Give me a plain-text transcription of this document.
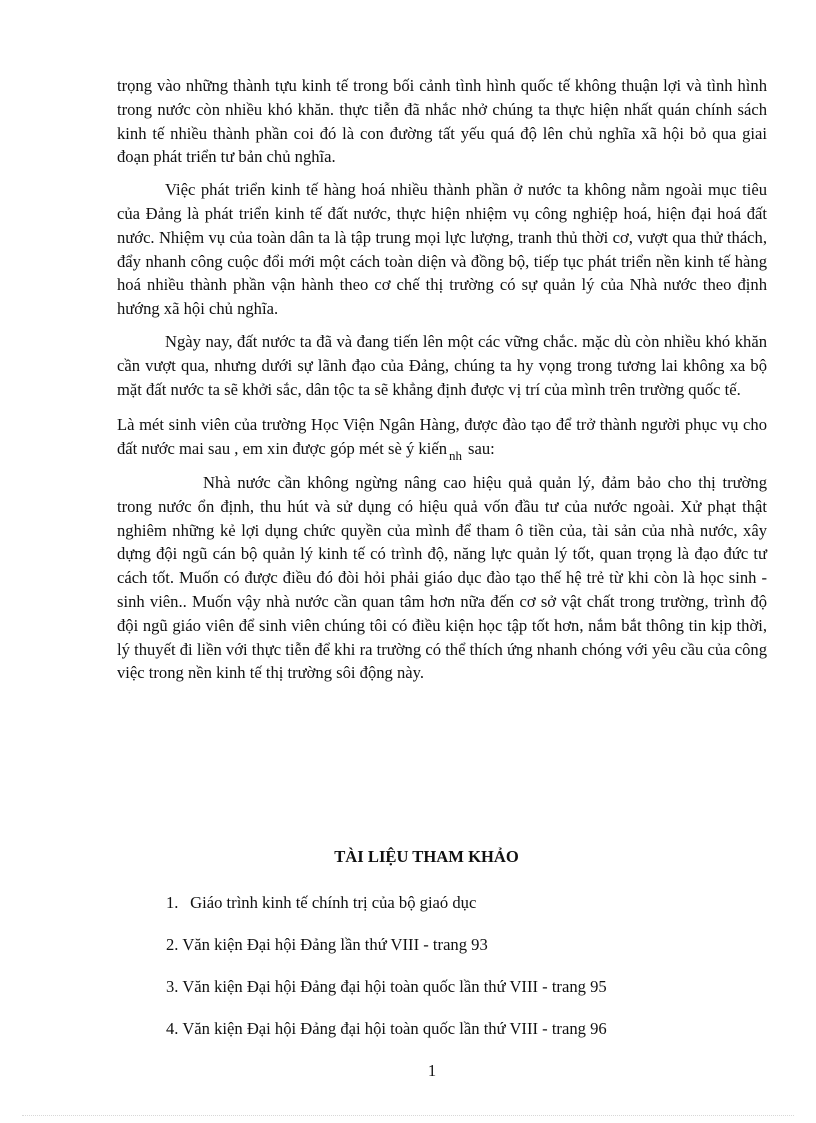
trọng vào những thành tựu kinh tế trong bối cảnh tình hình quốc tế không thuận lợi và tình hình trong nước còn nhiều khó khăn. thực tiễn đã nhắc nhở chúng ta thực hiện nhất quán chính sách kinh tế nhiều thành phần coi đó là con đường tất yếu quá độ lên chủ nghĩa xã hội bỏ qua giai đoạn phát triển tư bản chủ nghĩa.

Việc phát triển kinh tế hàng hoá nhiều thành phần ở nước ta không nằm ngoài mục tiêu của Đảng là phát triển kinh tế đất nước, thực hiện nhiệm vụ công nghiệp hoá, hiện đại hoá đất nước. Nhiệm vụ của toàn dân ta là tập trung mọi lực lượng, tranh thủ thời cơ, vượt qua thử thách, đẩy nhanh công cuộc đổi mới một cách toàn diện và đồng bộ, tiếp tục phát triển nền kinh tế hàng hoá nhiều thành phần vận hành theo cơ chế thị trường có sự quản lý của Nhà nước theo định hướng xã hội chủ nghĩa.

Ngày nay, đất nước ta đã và đang tiến lên một các vững chắc. mặc dù còn nhiều khó khăn cần vượt qua, nhưng dưới sự lãnh đạo của Đảng, chúng ta hy vọng trong tương lai không xa bộ mặt đất nước ta sẽ khởi sắc, dân tộc ta sẽ khẳng định được vị trí của mình trên trường quốc tế.

Là mét sinh viên của trường Học Viện Ngân Hàng, được đào tạo để trở thành người phục vụ cho đất nước mai sau , em xin được góp mét sè ý kiến $_{nh}$ sau:

Nhà nước cần không ngừng nâng cao hiệu quả quản lý, đảm bảo cho thị trường trong nước ổn định, thu hút và sử dụng có hiệu quả vốn đầu tư của nước ngoài. Xử phạt thật nghiêm những kẻ lợi dụng chức quyền của mình để tham ô tiền của, tài sản của nhà nước, xây dựng đội ngũ cán bộ quản lý kinh tế có trình độ, năng lực quản lý tốt, quan trọng là đạo đức tư cách tốt. Muốn có được điều đó đòi hỏi phải giáo dục đào tạo thế hệ trẻ từ khi còn là học sinh - sinh viên.. Muốn vậy nhà nước cần quan tâm hơn nữa đến cơ sở vật chất trong trường, trình độ đội ngũ giáo viên để sinh viên chúng tôi có điều kiện học tập tốt hơn, nắm bắt thông tin kịp thời, lý thuyết đi liền với thực tiễn để khi ra trường có thể thích ứng nhanh chóng với yêu cầu của công việc trong nền kinh tế thị trường sôi động này.

TÀI LIỆU THAM KHẢO
1. Giáo trình kinh tế chính trị của bộ giaó dục
2. Văn kiện Đại hội Đảng lần thứ VIII - trang 93
3. Văn kiện Đại hội Đảng đại hội toàn quốc lần thứ VIII - trang 95
4. Văn kiện Đại hội Đảng đại hội toàn quốc lần thứ VIII - trang 96
1
